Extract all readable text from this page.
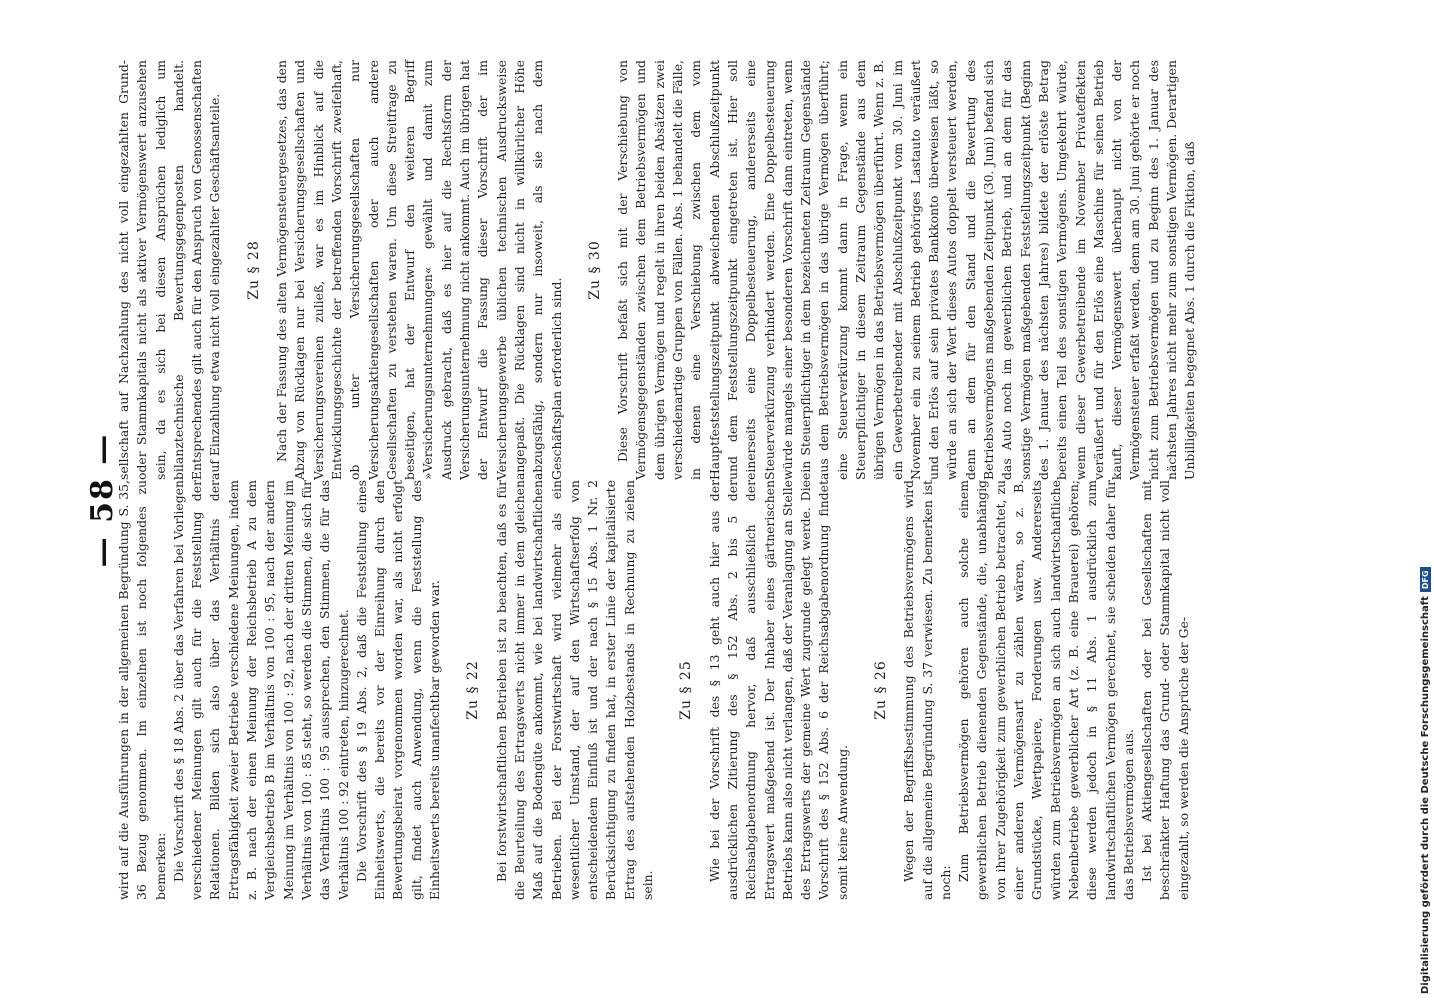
— 58 —

wird auf die Ausführungen in der allgemeinen Begründung S. 35, 36 Bezug genommen. Im einzelnen ist noch folgendes zu bemerken: Die Vorschrift des § 18 Abs. 2 über das Verfahren bei Vorliegen verschiedener Meinungen gilt auch für die Feststellung der Relationen. Bilden sich also über das Verhältnis der Ertragsfähigkeit zweier Betriebe verschiedene Meinungen, indem z. B. nach der einen Meinung der Reichsbetrieb A zu dem Vergleichsbetrieb B im Verhältnis von 100 : 95, nach der andern Meinung im Verhältnis von 100 : 92, nach der dritten Meinung im Verhältnis von 100 : 85 steht, so werden die Stimmen, die sich für das Verhältnis 100 : 95 aussprechen, den Stimmen, die für das Verhältnis 100 : 92 eintreten, hinzugerechnet. Die Vorschrift des § 19 Abs. 2, daß die Feststellung eines Einheitswerts, die bereits vor der Einreihung durch den Bewertungsbeirat vorgenommen worden war, als nicht erfolgt gilt, findet auch Anwendung, wenn die Feststellung des Einheitswerts bereits unanfechtbar geworden war. Zu § 22 Bei forstwirtschaftlichen Betrieben ist zu beachten, daß es für die Beurteilung des Ertragswerts nicht immer in dem gleichen Maß auf die Bodengüte ankommt, wie bei landwirtschaftlichen Betrieben. Bei der Forstwirtschaft wird vielmehr als ein wesentlicher Umstand, der auf den Wirtschaftserfolg von entscheidendem Einfluß ist und der nach § 15 Abs. 1 Nr. 2 Berücksichtigung zu finden hat, in erster Linie der kapitalisierte Ertrag des aufstehenden Holzbestands in Rechnung zu ziehen sein.

Zu § 25 Wie bei der Vorschrift des § 13 geht auch hier aus der ausdrücklichen Zitierung des § 152 Abs. 2 bis 5 der Reichsabgabenordnung hervor, daß ausschließlich der Ertragswert maßgebend ist. Der Inhaber eines gärtnerischen Betriebs kann also nicht verlangen, daß der Veranlagung an Stelle des Ertragswerts der gemeine Wert zugrunde gelegt werde. Die Vorschrift des § 152 Abs. 6 der Reichsabgabenordnung findet somit keine Anwendung.

Zu § 26 Wegen der Begriffsbestimmung des Betriebsvermögens wird auf die allgemeine Begründung S. 37 verwiesen. Zu bemerken ist noch:

Zum Betriebsvermögen gehören auch solche einem gewerblichen Betrieb dienenden Gegenstände, die, unabhängig von ihrer Zugehörigkeit zum gewerblichen Betrieb betrachtet, zu einer anderen Vermögensart zu zählen wären, so z. B. Grundstücke, Wertpapiere, Forderungen usw. Andererseits würden zum Betriebsvermögen an sich auch landwirtschaftliche Nebenbetriebe gewerblicher Art (z. B. eine Brauerei) gehören; diese werden jedoch in § 11 Abs. 1 ausdrücklich zum landwirtschaftlichen Vermögen gerechnet, sie scheiden daher für das Betriebsvermögen aus. Ist bei Aktiengesellschaften oder bei Gesellschaften mit beschränkter Haftung das Grund- oder Stammkapital nicht voll eingezahlt, so werden die Ansprüche der Ge-

sellschaft auf Nachzahlung des nicht voll eingezahlten Grund- oder Stammkapitals nicht als aktiver Vermögenswert anzusehen sein, da es sich bei diesen Ansprüchen lediglich um bilanztechnische Bewertungsgegenposten handelt. Entsprechendes gilt auch für den Anspruch von Genossenschaften auf Einzahlung etwa nicht voll eingezahlter Geschäftsanteile. Zu § 28 Nach der Fassung des alten Vermögensteuergesetzes, das den Abzug von Rücklagen nur bei Versicherungsgesellschaften und Versicherungsvereinen zuließ, war es im Hinblick auf die Entwicklungsgeschichte der betreffenden Vorschrift zweifelhaft, ob unter Versicherungsgesellschaften nur Versicherungsaktiengesellschaften oder auch andere Gesellschaften zu verstehen waren. Um diese Streitfrage zu beseitigen, hat der Entwurf den weiteren Begriff »Versicherungsunternehmungen« gewählt und damit zum Ausdruck gebracht, daß es hier auf die Rechtsform der Versicherungsunternehmung nicht ankommt. Auch im übrigen hat der Entwurf die Fassung dieser Vorschrift der im Versicherungsgewerbe üblichen technischen Ausdrucksweise angepaßt. Die Rücklagen sind nicht in willkürlicher Höhe abzugsfähig, sondern nur insoweit, als sie nach dem Geschäftsplan erforderlich sind.

Zu § 30 Diese Vorschrift befaßt sich mit der Verschiebung von Vermögensgegenständen zwischen dem Betriebsvermögen und dem übrigen Vermögen und regelt in ihren beiden Absätzen zwei verschiedenartige Gruppen von Fällen. Abs. 1 behandelt die Fälle, in denen eine Verschiebung zwischen dem vom Hauptfeststellungszeitpunkt abweichenden Abschlußzeitpunkt und dem Feststellungszeitpunkt eingetreten ist. Hier soll einerseits eine Doppelbesteuerung, andererseits eine Steuerverkürzung verhindert werden. Eine Doppelbesteuerung würde mangels einer besonderen Vorschrift dann eintreten, wenn ein Steuerpflichtiger in dem bezeichneten Zeitraum Gegenstände aus dem Betriebsvermögen in das übrige Vermögen überführt; eine Steuerverkürzung kommt dann in Frage, wenn ein Steuerpflichtiger in diesem Zeitraum Gegenstände aus dem übrigen Vermögen in das Betriebsvermögen überführt. Wenn z. B. ein Gewerbetreibender mit Abschlußzeitpunkt vom 30. Juni im November ein zu seinem Betrieb gehöriges Lastauto veräußert und den Erlös auf sein privates Bankkonto überweisen läßt, so würde an sich der Wert dieses Autos doppelt versteuert werden, denn an dem für den Stand und die Bewertung des Betriebsvermögens maßgebenden Zeitpunkt (30. Juni) befand sich das Auto noch im gewerblichen Betrieb, und an dem für das sonstige Vermögen maßgebenden Feststellungszeitpunkt (Beginn des 1. Januar des nächsten Jahres) bildete der erlöste Betrag bereits einen Teil des sonstigen Vermögens. Umgekehrt würde, wenn dieser Gewerbetreibende im November Privateffekten veräußert und für den Erlös eine Maschine für seinen Betrieb kauft, dieser Vermögenswert überhaupt nicht von der Vermögensteuer erfaßt werden, denn am 30. Juni gehörte er noch nicht zum Betriebsvermögen und zu Beginn des 1. Januar des nächsten Jahres nicht mehr zum sonstigen Vermögen. Derartigen Unbilligkeiten begegnet Abs. 1 durch die Fiktion, daß

Digitalisierung gefördert durch die Deutsche Forschungsgemeinschaft
DFG
